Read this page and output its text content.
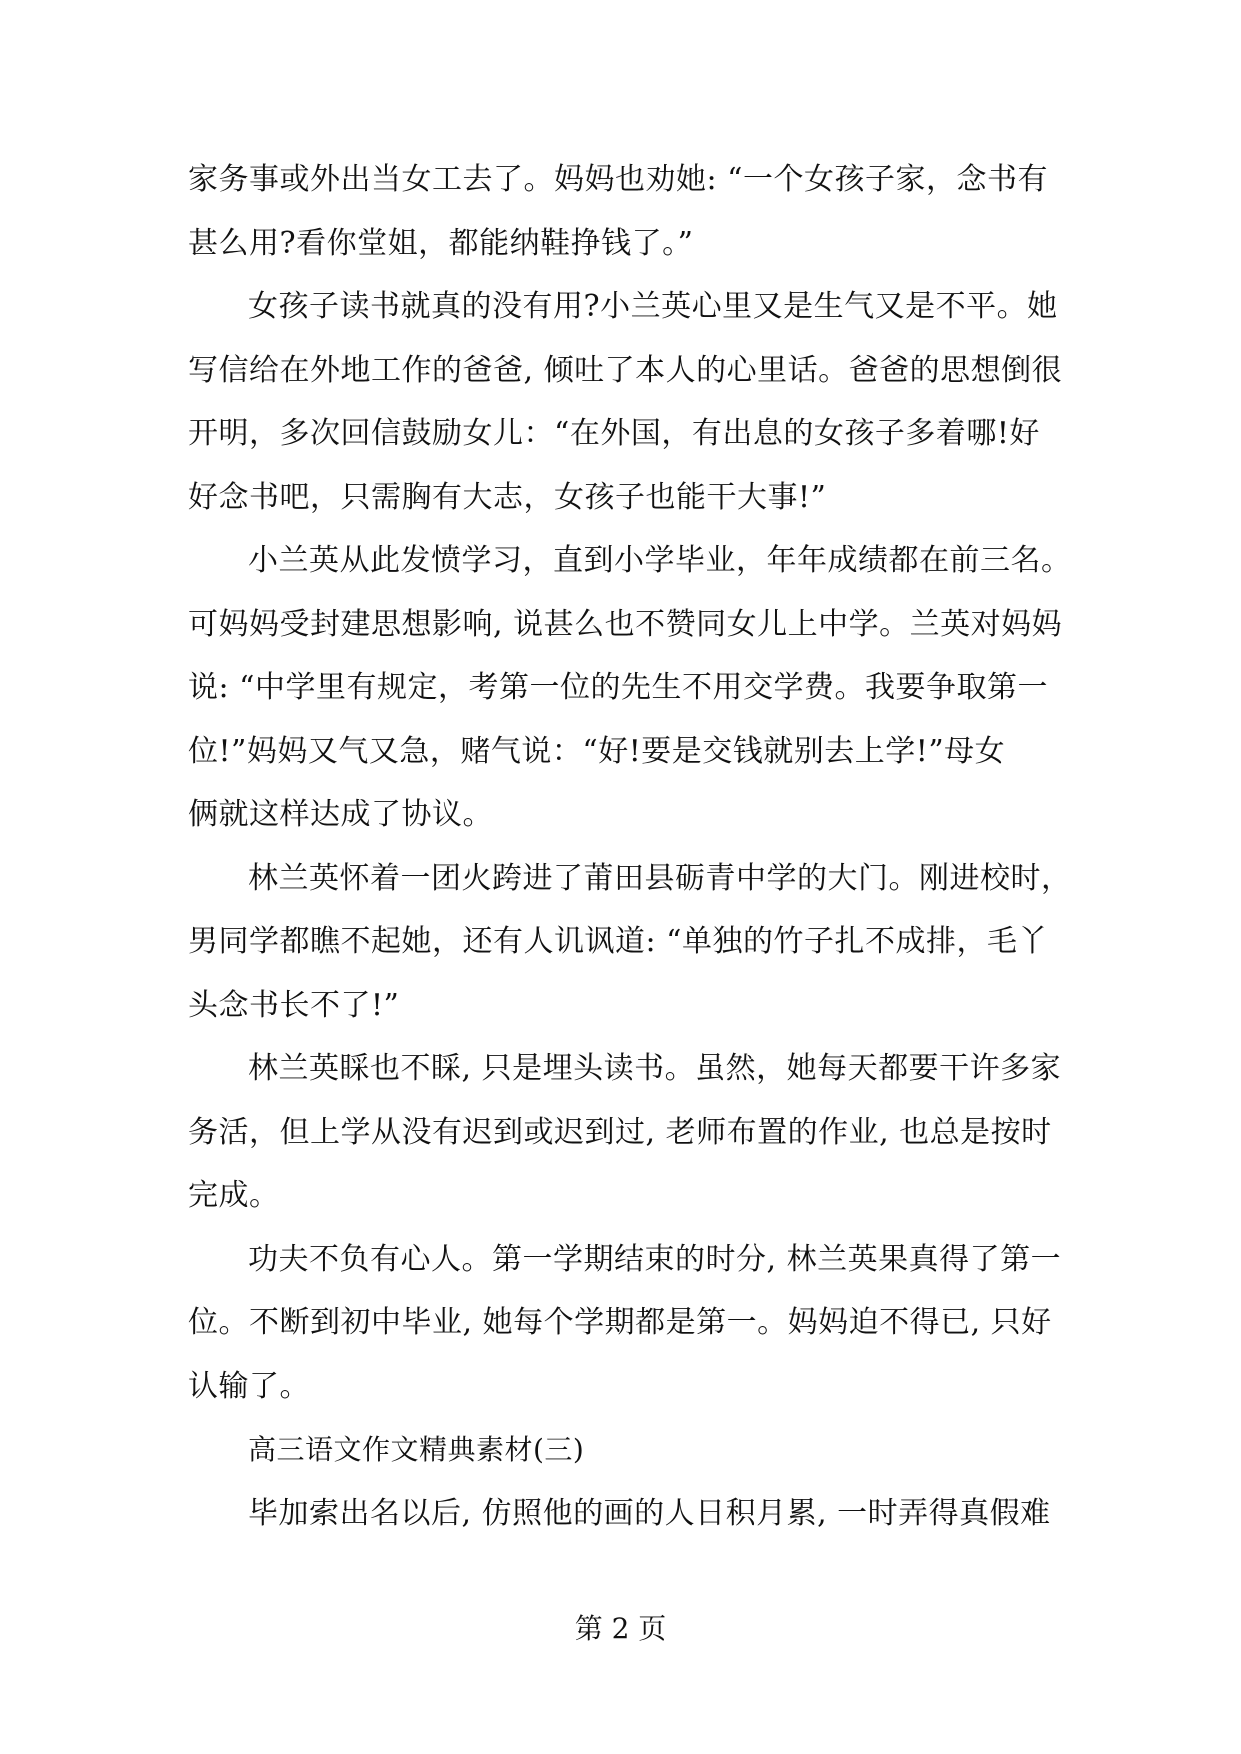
家务事或外出当女工去了。妈妈也劝她: “一个女孩子家，念书有
甚么用?看你堂姐，都能纳鞋挣钱了。”
女孩子读书就真的没有用?小兰英心里又是生气又是不平。她
写信给在外地工作的爸爸, 倾吐了本人的心里话。爸爸的思想倒很
开明，多次回信鼓励女儿：“在外国，有出息的女孩子多着哪!好
好念书吧，只需胸有大志，女孩子也能干大事!”
小兰英从此发愤学习，直到小学毕业，年年成绩都在前三名。
可妈妈受封建思想影响, 说甚么也不赞同女儿上中学。兰英对妈妈
说: “中学里有规定，考第一位的先生不用交学费。我要争取第一
位!”妈妈又气又急，赌气说：“好!要是交钱就别去上学!”母女
俩就这样达成了协议。
林兰英怀着一团火跨进了莆田县砺青中学的大门。刚进校时，
男同学都瞧不起她，还有人讥讽道: “单独的竹子扎不成排，毛丫
头念书长不了!”
林兰英睬也不睬, 只是埋头读书。虽然，她每天都要干许多家
务活，但上学从没有迟到或迟到过, 老师布置的作业, 也总是按时
完成。
功夫不负有心人。第一学期结束的时分, 林兰英果真得了第一
位。不断到初中毕业, 她每个学期都是第一。妈妈迫不得已, 只好
认输了。
高三语文作文精典素材(三)
毕加索出名以后, 仿照他的画的人日积月累, 一时弄得真假难
第 2 页
